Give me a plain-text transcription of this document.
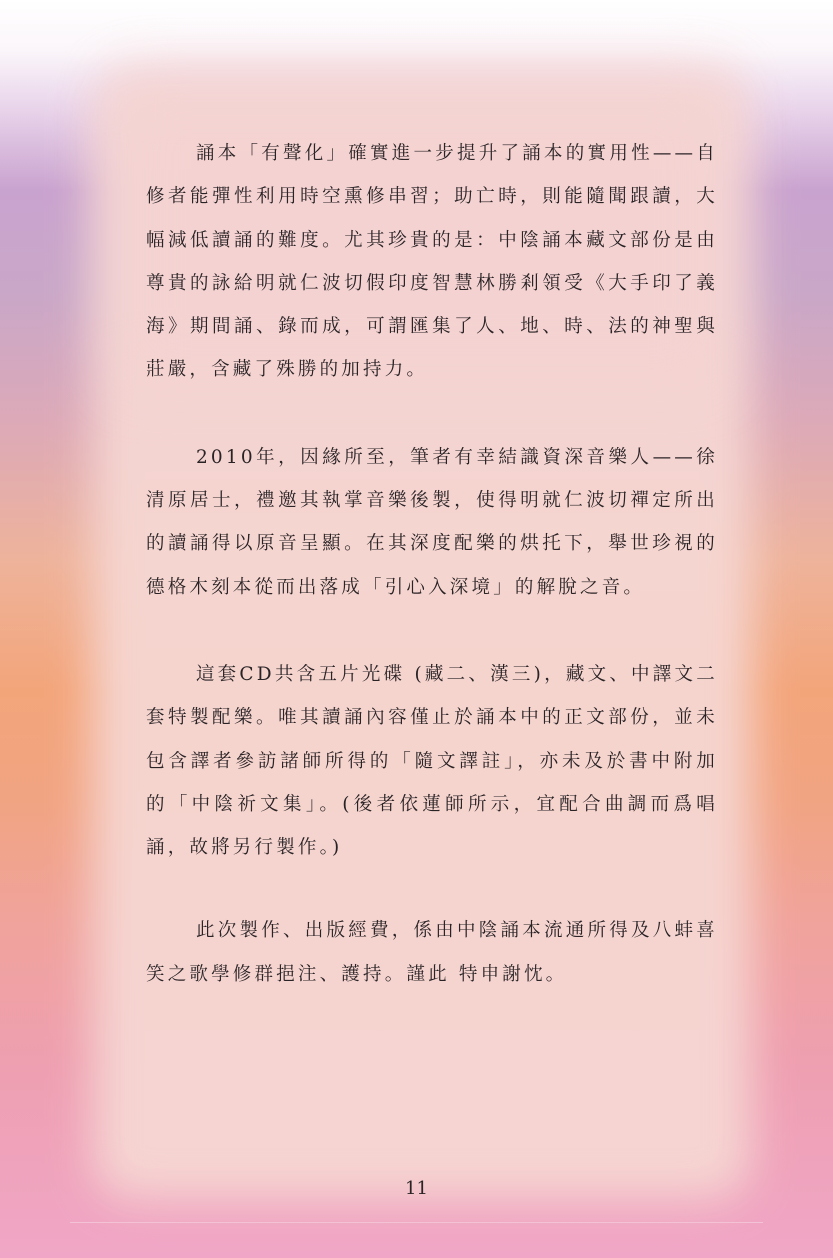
誦本「有聲化」確實進一步提升了誦本的實用性——自修者能彈性利用時空熏修串習；助亡時，則能隨聞跟讀，大幅減低讀誦的難度。尤其珍貴的是：中陰誦本藏文部份是由尊貴的詠給明就仁波切假印度智慧林勝剎領受《大手印了義海》期間誦、錄而成，可謂匯集了人、地、時、法的神聖與莊嚴，含藏了殊勝的加持力。

2010年，因緣所至，筆者有幸結識資深音樂人——徐清原居士，禮邀其執掌音樂後製，使得明就仁波切禪定所出的讀誦得以原音呈顯。在其深度配樂的烘托下，舉世珍視的德格木刻本從而出落成「引心入深境」的解脫之音。

這套CD共含五片光碟 (藏二、漢三)，藏文、中譯文二套特製配樂。唯其讀誦內容僅止於誦本中的正文部份，並未包含譯者參訪諸師所得的「隨文譯註」，亦未及於書中附加的「中陰祈文集」。(後者依蓮師所示，宜配合曲調而爲唱誦，故將另行製作。)

此次製作、出版經費，係由中陰誦本流通所得及八蚌喜笑之歌學修群挹注、護持。謹此 特申謝忱。

11
